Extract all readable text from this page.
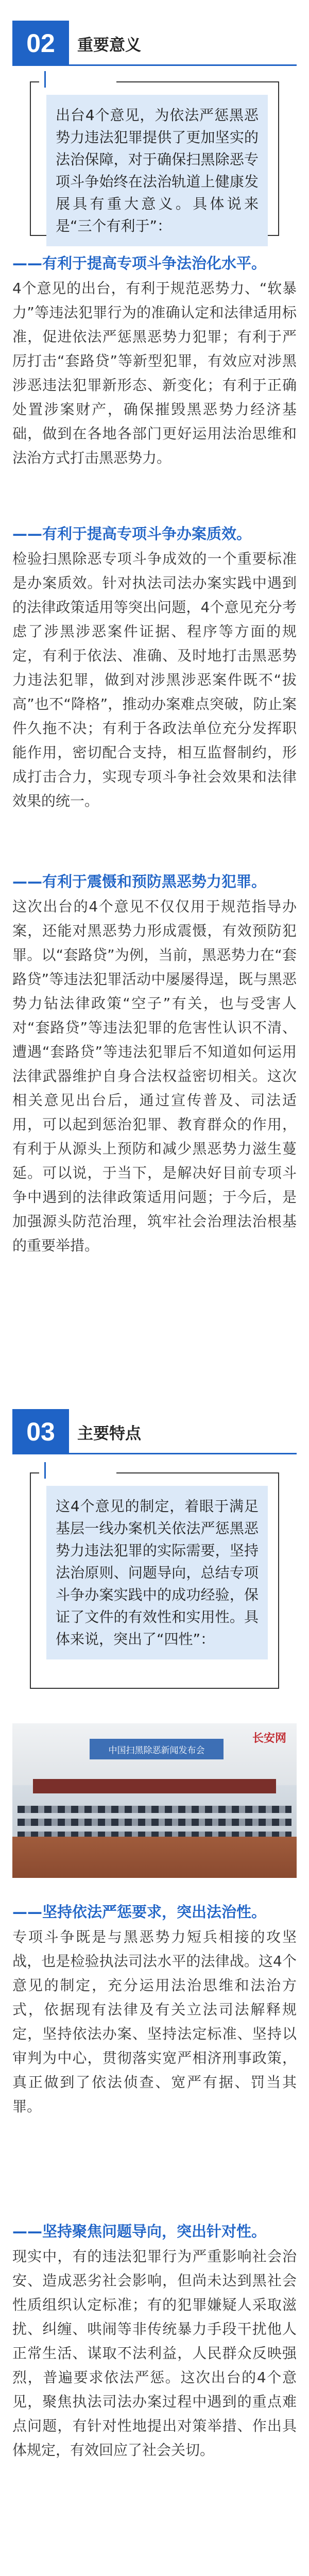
02	重要意义
出台4个意见，为依法严惩黑恶势力违法犯罪提供了更加坚实的法治保障，对于确保扫黑除恶专项斗争始终在法治轨道上健康发展具有重大意义。具体说来是“三个有利于”：

——有利于提高专项斗争法治化水平。

4个意见的出台，有利于规范恶势力、“软暴力”等违法犯罪行为的准确认定和法律适用标准，促进依法严惩黑恶势力犯罪；有利于严厉打击“套路贷”等新型犯罪，有效应对涉黑涉恶违法犯罪新形态、新变化；有利于正确处置涉案财产，确保摧毁黑恶势力经济基础，做到在各地各部门更好运用法治思维和法治方式打击黑恶势力。

——有利于提高专项斗争办案质效。

检验扫黑除恶专项斗争成效的一个重要标准是办案质效。针对执法司法办案实践中遇到的法律政策适用等突出问题，4个意见充分考虑了涉黑涉恶案件证据、程序等方面的规定，有利于依法、准确、及时地打击黑恶势力违法犯罪，做到对涉黑涉恶案件既不“拔高”也不“降格”，推动办案难点突破，防止案件久拖不决；有利于各政法单位充分发挥职能作用，密切配合支持，相互监督制约，形成打击合力，实现专项斗争社会效果和法律效果的统一。

——有利于震慑和预防黑恶势力犯罪。

这次出台的4个意见不仅仅用于规范指导办案，还能对黑恶势力形成震慑，有效预防犯罪。以“套路贷”为例，当前，黑恶势力在“套路贷”等违法犯罪活动中屡屡得逞，既与黑恶势力钻法律政策“空子”有关，也与受害人对“套路贷”等违法犯罪的危害性认识不清、遭遇“套路贷”等违法犯罪后不知道如何运用法律武器维护自身合法权益密切相关。这次相关意见出台后，通过宣传普及、司法适用，可以起到惩治犯罪、教育群众的作用，有利于从源头上预防和减少黑恶势力滋生蔓延。可以说，于当下，是解决好目前专项斗争中遇到的法律政策适用问题；于今后，是加强源头防范治理，筑牢社会治理法治根基的重要举措。

03	主要特点
这4个意见的制定，着眼于满足基层一线办案机关依法严惩黑恶势力违法犯罪的实际需要，坚持法治原则、问题导向，总结专项斗争办案实践中的成功经验，保证了文件的有效性和实用性。具体来说，突出了“四性”：
长安网
中国扫黑除恶新闻发布会

——坚持依法严惩要求，突出法治性。

专项斗争既是与黑恶势力短兵相接的攻坚战，也是检验执法司法水平的法律战。这4个意见的制定，充分运用法治思维和法治方式，依据现有法律及有关立法司法解释规定，坚持依法办案、坚持法定标准、坚持以审判为中心，贯彻落实宽严相济刑事政策，真正做到了依法侦查、宽严有据、罚当其罪。

——坚持聚焦问题导向，突出针对性。

现实中，有的违法犯罪行为严重影响社会治安、造成恶劣社会影响，但尚未达到黑社会性质组织认定标准；有的犯罪嫌疑人采取滋扰、纠缠、哄闹等非传统暴力手段干扰他人正常生活、谋取不法利益，人民群众反映强烈，普遍要求依法严惩。这次出台的4个意见，聚焦执法司法办案过程中遇到的重点难点问题，有针对性地提出对策举措、作出具体规定，有效回应了社会关切。
